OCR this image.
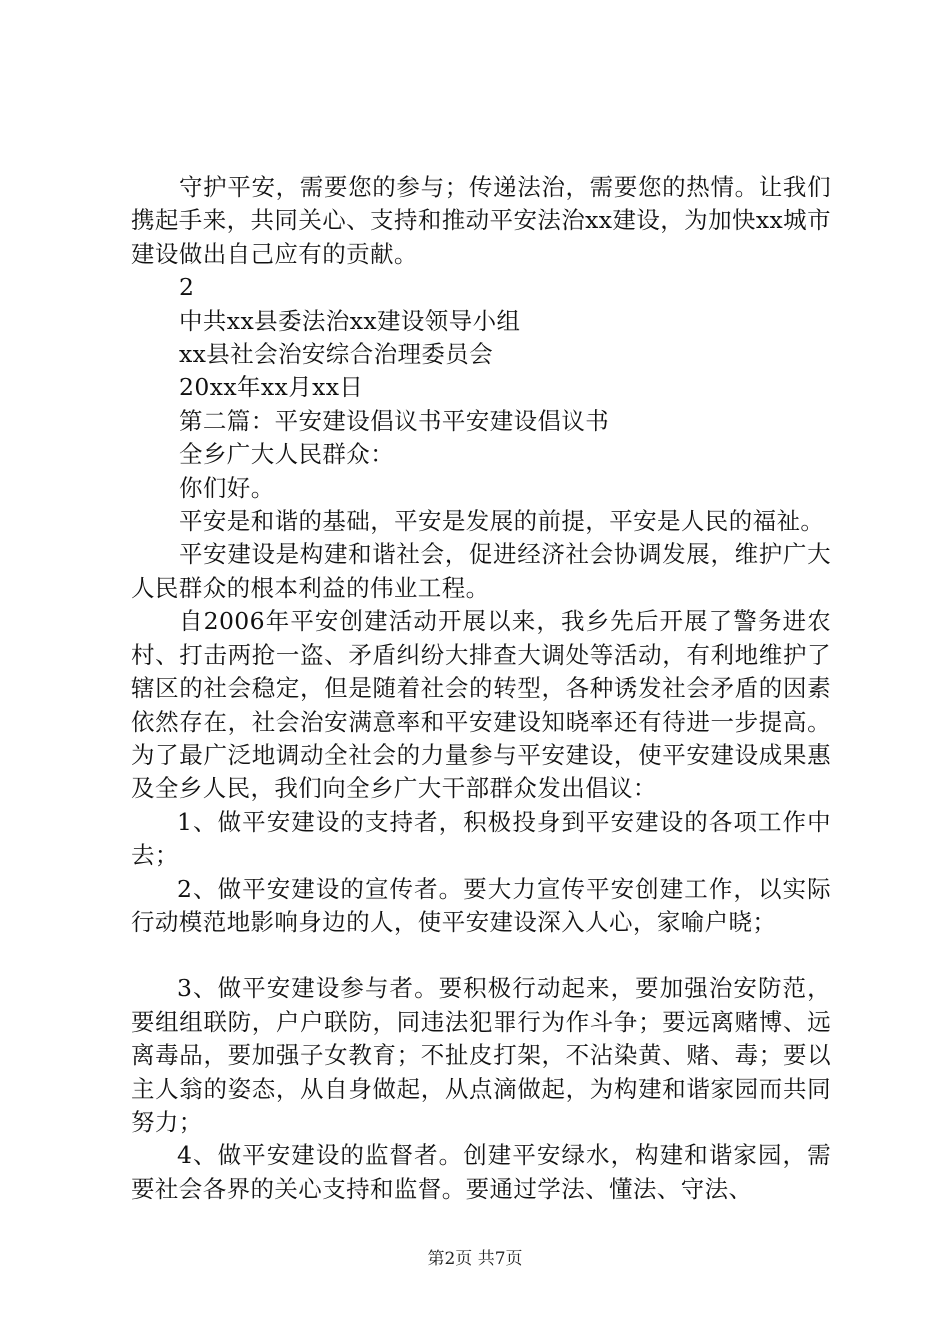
守护平安，需要您的参与；传递法治，需要您的热情。让我们携起手来，共同关心、支持和推动平安法治xx建设，为加快xx城市建设做出自己应有的贡献。

2

中共xx县委法治xx建设领导小组

xx县社会治安综合治理委员会

20xx年xx月xx日

第二篇：平安建设倡议书平安建设倡议书

全乡广大人民群众：

你们好。

平安是和谐的基础，平安是发展的前提，平安是人民的福祉。

平安建设是构建和谐社会，促进经济社会协调发展，维护广大人民群众的根本利益的伟业工程。

自2006年平安创建活动开展以来，我乡先后开展了警务进农村、打击两抢一盗、矛盾纠纷大排查大调处等活动，有利地维护了辖区的社会稳定，但是随着社会的转型，各种诱发社会矛盾的因素依然存在，社会治安满意率和平安建设知晓率还有待进一步提高。为了最广泛地调动全社会的力量参与平安建设，使平安建设成果惠及全乡人民，我们向全乡广大干部群众发出倡议：

1、做平安建设的支持者，积极投身到平安建设的各项工作中去；

2、做平安建设的宣传者。要大力宣传平安创建工作，以实际行动模范地影响身边的人，使平安建设深入人心，家喻户晓；

3、做平安建设参与者。要积极行动起来，要加强治安防范，要组组联防，户户联防，同违法犯罪行为作斗争；要远离赌博、远离毒品，要加强子女教育；不扯皮打架，不沾染黄、赌、毒；要以主人翁的姿态，从自身做起，从点滴做起，为构建和谐家园而共同努力；

4、做平安建设的监督者。创建平安绿水，构建和谐家园，需要社会各界的关心支持和监督。要通过学法、懂法、守法、

第2页 共7页
